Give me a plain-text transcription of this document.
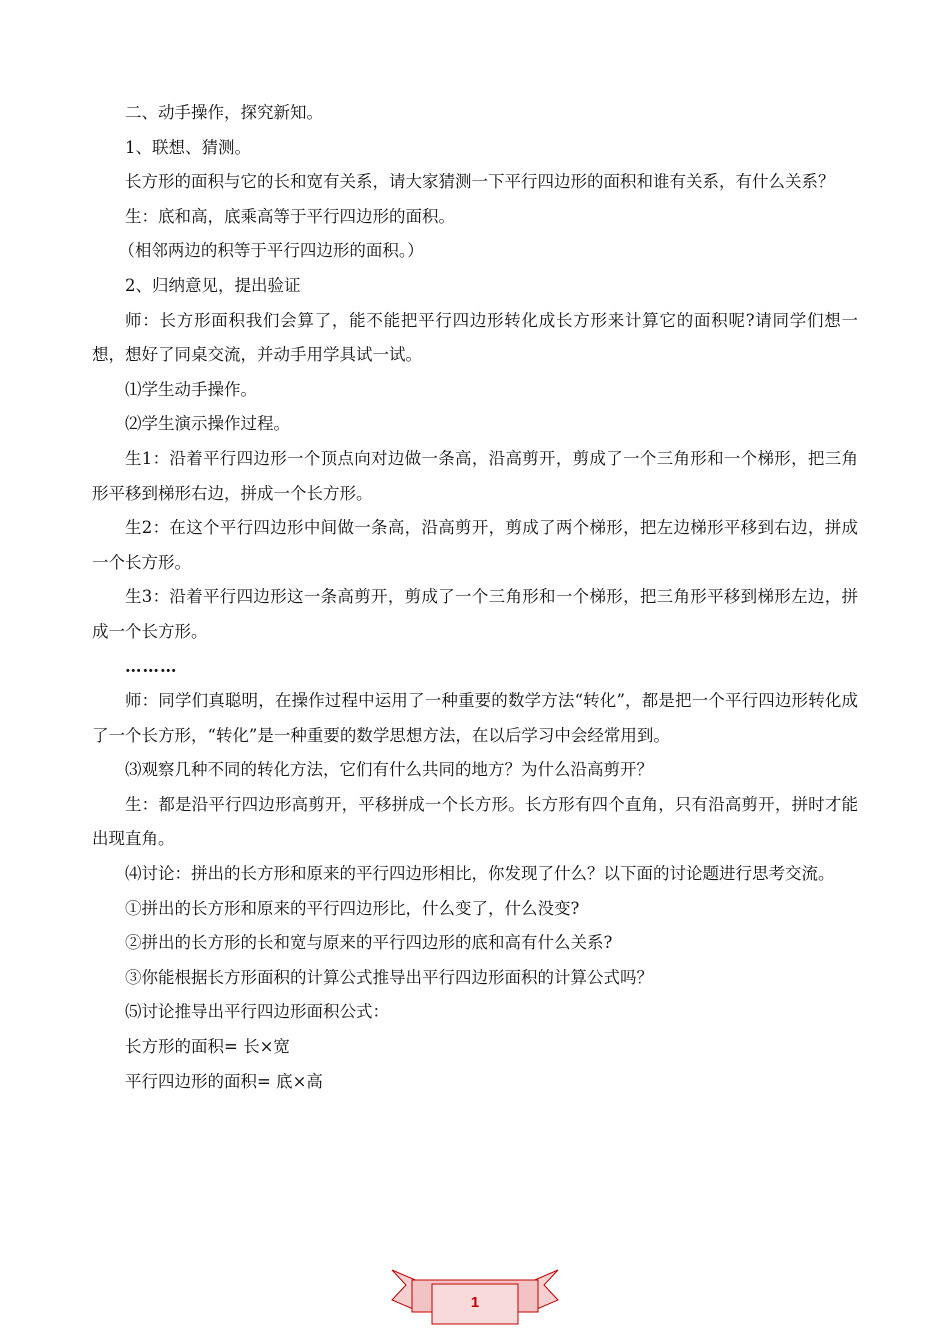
二、动手操作，探究新知。

1、联想、猜测。

长方形的面积与它的长和宽有关系，请大家猜测一下平行四边形的面积和谁有关系，有什么关系？

生：底和高，底乘高等于平行四边形的面积。

（相邻两边的积等于平行四边形的面积。）

2、归纳意见，提出验证

师：长方形面积我们会算了，能不能把平行四边形转化成长方形来计算它的面积呢?请同学们想一想，想好了同桌交流，并动手用学具试一试。

⑴学生动手操作。

⑵学生演示操作过程。

生1：沿着平行四边形一个顶点向对边做一条高，沿高剪开，剪成了一个三角形和一个梯形，把三角形平移到梯形右边，拼成一个长方形。

生2：在这个平行四边形中间做一条高，沿高剪开，剪成了两个梯形，把左边梯形平移到右边，拼成一个长方形。

生3：沿着平行四边形这一条高剪开，剪成了一个三角形和一个梯形，把三角形平移到梯形左边，拼成一个长方形。

………

师：同学们真聪明，在操作过程中运用了一种重要的数学方法“转化”，都是把一个平行四边形转化成了一个长方形，“转化”是一种重要的数学思想方法，在以后学习中会经常用到。

⑶观察几种不同的转化方法，它们有什么共同的地方？为什么沿高剪开？

生：都是沿平行四边形高剪开，平移拼成一个长方形。长方形有四个直角，只有沿高剪开，拼时才能出现直角。

⑷讨论：拼出的长方形和原来的平行四边形相比，你发现了什么？以下面的讨论题进行思考交流。

①拼出的长方形和原来的平行四边形比，什么变了，什么没变?

②拼出的长方形的长和宽与原来的平行四边形的底和高有什么关系?

③你能根据长方形面积的计算公式推导出平行四边形面积的计算公式吗？

⑸讨论推导出平行四边形面积公式：

长方形的面积= 长×宽

平行四边形的面积= 底×高

1
